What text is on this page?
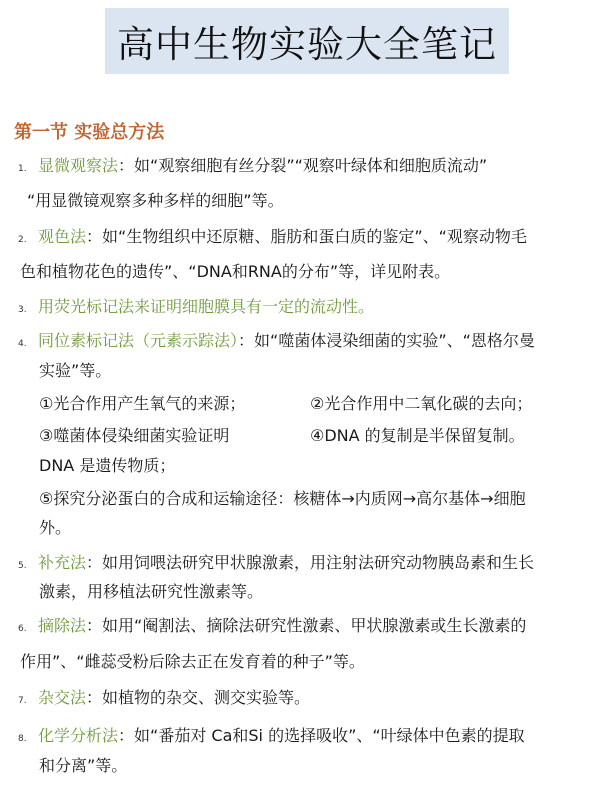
高中生物实验大全笔记
第一节 实验总方法
1. 显微观察法：如“观察细胞有丝分裂”“观察叶绿体和细胞质流动”
“用显微镜观察多种多样的细胞”等。
2. 观色法：如“生物组织中还原糖、脂肪和蛋白质的鉴定”、“观察动物毛
色和植物花色的遗传”、“DNA和RNA的分布”等，详见附表。
3. 用荧光标记法来证明细胞膜具有一定的流动性。
4. 同位素标记法（元素示踪法）：如“噬菌体浸染细菌的实验”、“恩格尔曼
实验”等。
①光合作用产生氧气的来源；	②光合作用中二氧化碳的去向；
③噬菌体侵染细菌实验证明	④DNA 的复制是半保留复制。
DNA 是遗传物质；
⑤探究分泌蛋白的合成和运输途径：核糖体→内质网→高尔基体→细胞
外。
5. 补充法：如用饲喂法研究甲状腺激素，用注射法研究动物胰岛素和生长
激素，用移植法研究性激素等。
6. 摘除法：如用“阉割法、摘除法研究性激素、甲状腺激素或生长激素的
作用”、“雌蕊受粉后除去正在发育着的种子”等。
7. 杂交法：如植物的杂交、测交实验等。
8. 化学分析法：如“番茄对 Ca和Si 的选择吸收”、“叶绿体中色素的提取
和分离”等。
